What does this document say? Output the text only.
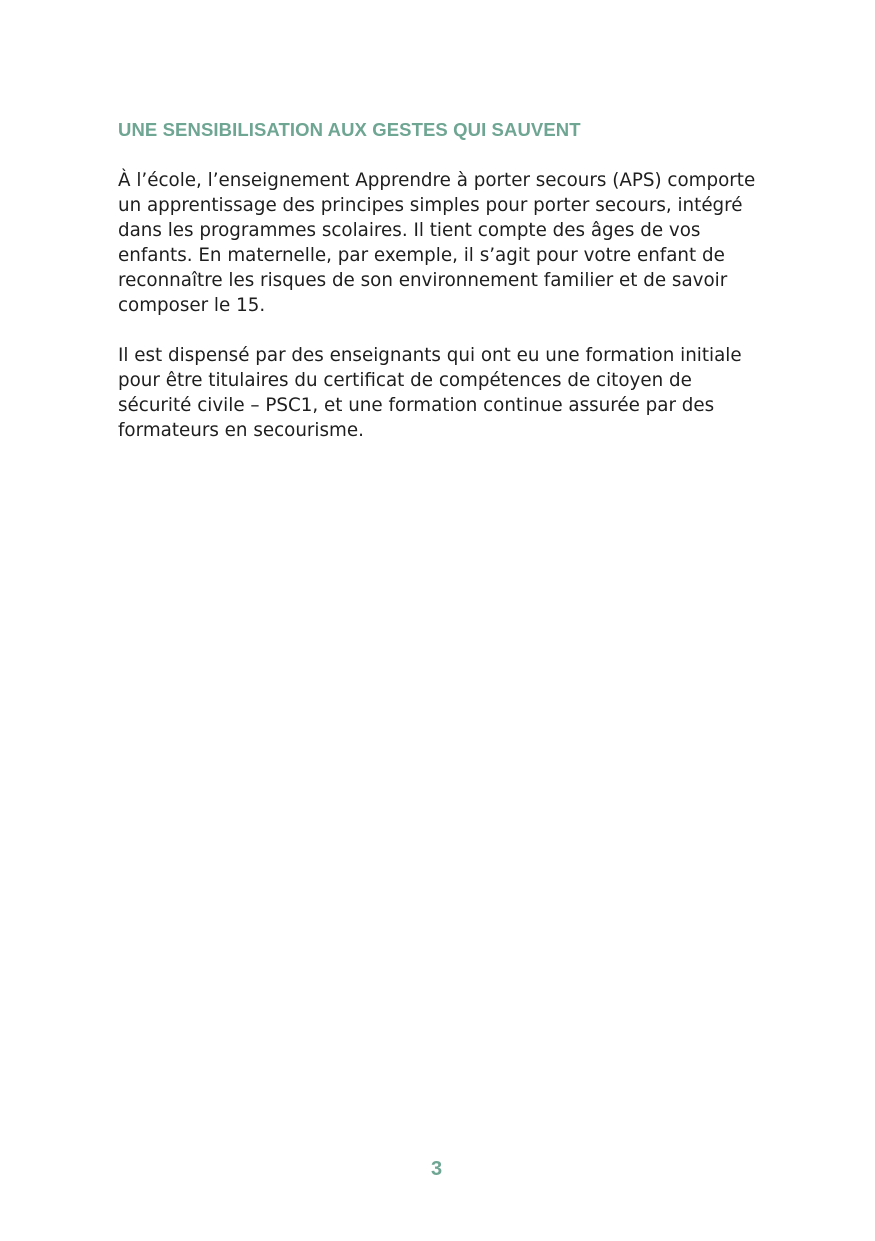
UNE SENSIBILISATION AUX GESTES QUI SAUVENT

À l’école, l’enseignement Apprendre à porter secours (APS) comporte un apprentissage des principes simples pour porter secours, intégré dans les programmes scolaires. Il tient compte des âges de vos enfants. En maternelle, par exemple, il s’agit pour votre enfant de reconnaître les risques de son environnement familier et de savoir composer le 15.

Il est dispensé par des enseignants qui ont eu une formation initiale pour être titulaires du certificat de compétences de citoyen de sécurité civile – PSC1, et une formation continue assurée par des formateurs en secourisme.

3
